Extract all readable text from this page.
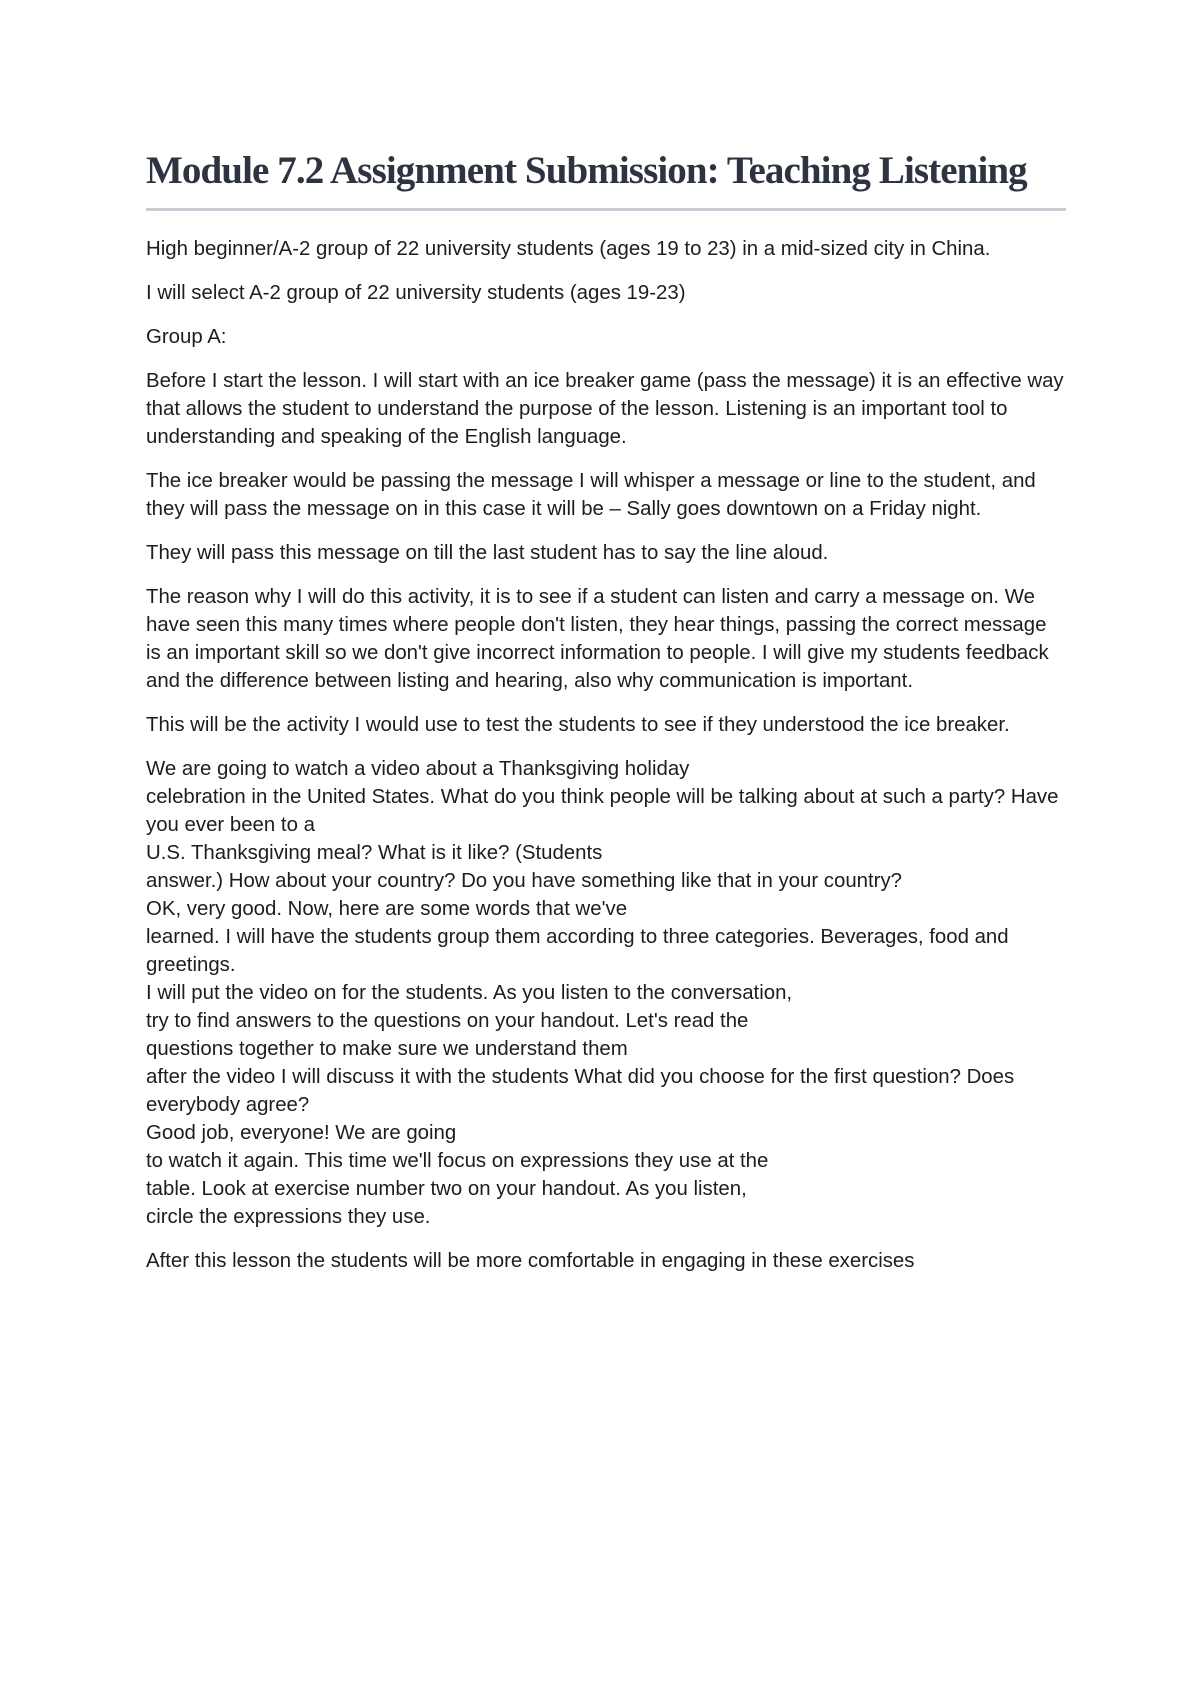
Module 7.2 Assignment Submission: Teaching Listening

High beginner/A-2 group of 22 university students (ages 19 to 23) in a mid-sized city in China.

I will select A-2 group of 22 university students (ages 19-23)

Group A:

Before I start the lesson. I will start with an ice breaker game (pass the message) it is an effective way that allows the student to understand the purpose of the lesson. Listening is an important tool to understanding and speaking of the English language.

The ice breaker would be passing the message I will whisper a message or line to the student, and they will pass the message on in this case it will be – Sally goes downtown on a Friday night.

They will pass this message on till the last student has to say the line aloud.

The reason why I will do this activity, it is to see if a student can listen and carry a message on. We have seen this many times where people don't listen, they hear things, passing the correct message is an important skill so we don't give incorrect information to people. I will give my students feedback and the difference between listing and hearing, also why communication is important.

This will be the activity I would use to test the students to see if they understood the ice breaker.

We are going to watch a video about a Thanksgiving holiday
celebration in the United States. What do you think people will be talking about at such a party? Have you ever been to a
U.S. Thanksgiving meal? What is it like? (Students
answer.) How about your country? Do you have something like that in your country?
OK, very good. Now, here are some words that we've
learned. I will have the students group them according to three categories. Beverages, food and greetings.
I will put the video on for the students. As you listen to the conversation,
try to find answers to the questions on your handout. Let's read the
questions together to make sure we understand them
after the video I will discuss it with the students What did you choose for the first question? Does everybody agree?
Good job, everyone! We are going
to watch it again. This time we'll focus on expressions they use at the
table. Look at exercise number two on your handout. As you listen,
circle the expressions they use.

After this lesson the students will be more comfortable in engaging in these exercises
